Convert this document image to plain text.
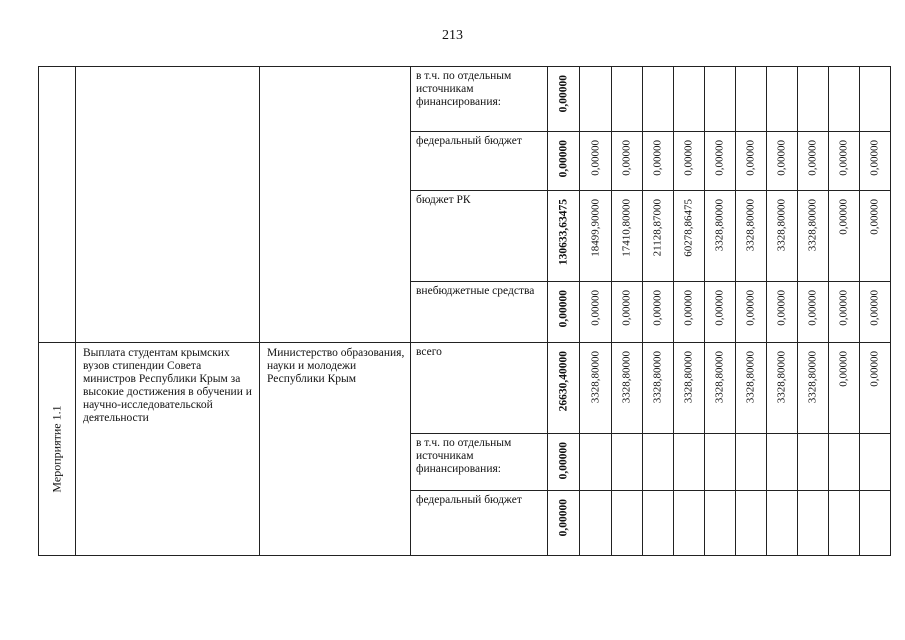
213
			в т.ч. по отдельным источникам финансирования:	0,00000										

			федеральный бюджет	0,00000	0,00000	0,00000	0,00000	0,00000	0,00000	0,00000	0,00000	0,00000	0,00000	0,00000

			бюджет РК	130633,63475	18499,90000	17410,80000	21128,87000	60278,86475	3328,80000	3328,80000	3328,80000	3328,80000	0,00000	0,00000

			внебюджетные средства	0,00000	0,00000	0,00000	0,00000	0,00000	0,00000	0,00000	0,00000	0,00000	0,00000	0,00000

Мероприятие 1.1	Выплата студентам крымских вузов стипендии Совета министров Республики Крым за высокие достижения в обучении и научно-исследовательской деятельности	Министерство образования, науки и молодежи Республики Крым	всего	26630,40000	3328,80000	3328,80000	3328,80000	3328,80000	3328,80000	3328,80000	3328,80000	3328,80000	0,00000	0,00000

			в т.ч. по отдельным источникам финансирования:	0,00000										

			федеральный бюджет	0,00000										
